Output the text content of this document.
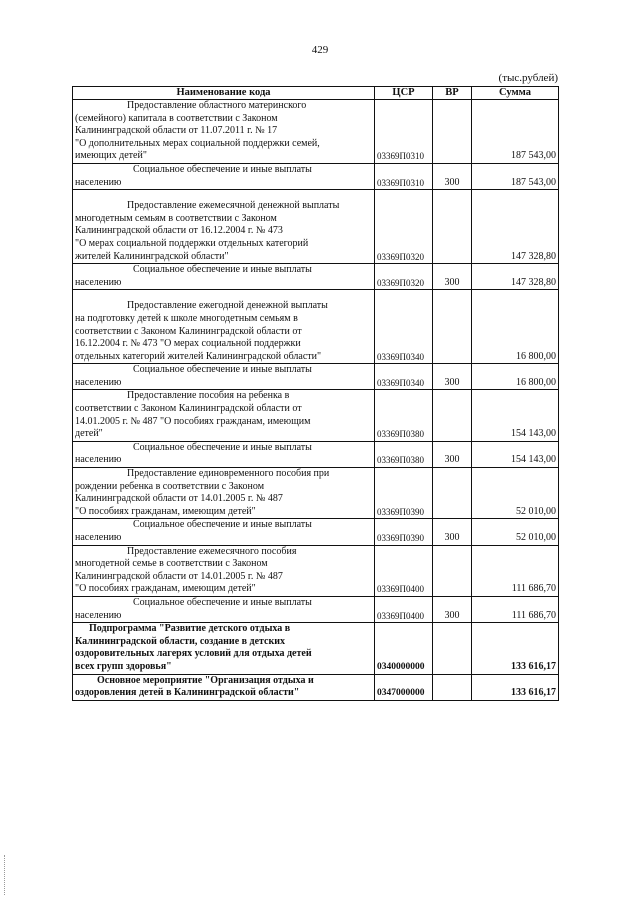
429
(тыс.рублей)
Наименование кода	ЦСР	ВР	Сумма

Предоставление областного материнского
(семейного) капитала в соответствии с Законом
Калининградской области от 11.07.2011 г. № 17
"О дополнительных мерах социальной поддержки семей,
имеющих детей"	03369П0310		187 543,00

Социальное обеспечение и иные выплаты
населению	03369П0310	300	187 543,00

Предоставление ежемесячной денежной выплаты
многодетным семьям в соответствии с Законом
Калининградской области от 16.12.2004 г. № 473
"О мерах социальной поддержки отдельных категорий
жителей Калининградской области"	03369П0320		147 328,80

Социальное обеспечение и иные выплаты
населению	03369П0320	300	147 328,80

Предоставление ежегодной денежной выплаты
на подготовку детей к школе многодетным семьям в
соответствии с Законом Калининградской области от
16.12.2004 г. № 473 "О мерах социальной поддержки
отдельных категорий жителей Калининградской области"	03369П0340		16 800,00

Социальное обеспечение и иные выплаты
населению	03369П0340	300	16 800,00

Предоставление пособия на ребенка в
соответствии с Законом Калининградской области от
14.01.2005 г. № 487 "О пособиях гражданам, имеющим
детей"	03369П0380		154 143,00

Социальное обеспечение и иные выплаты
населению	03369П0380	300	154 143,00

Предоставление единовременного пособия при
рождении ребенка в соответствии с Законом
Калининградской области от 14.01.2005 г. № 487
"О пособиях гражданам, имеющим детей"	03369П0390		52 010,00

Социальное обеспечение и иные выплаты
населению	03369П0390	300	52 010,00

Предоставление ежемесячного пособия
многодетной семье в соответствии с Законом
Калининградской области от 14.01.2005 г. № 487
"О пособиях гражданам, имеющим детей"	03369П0400		111 686,70

Социальное обеспечение и иные выплаты
населению	03369П0400	300	111 686,70

Подпрограмма "Развитие детского отдыха в
Калининградской области, создание в детских
оздоровительных лагерях условий для отдыха детей
всех групп здоровья"	0340000000		133 616,17

Основное мероприятие "Организация отдыха и
оздоровления детей в Калининградской области"	0347000000		133 616,17
